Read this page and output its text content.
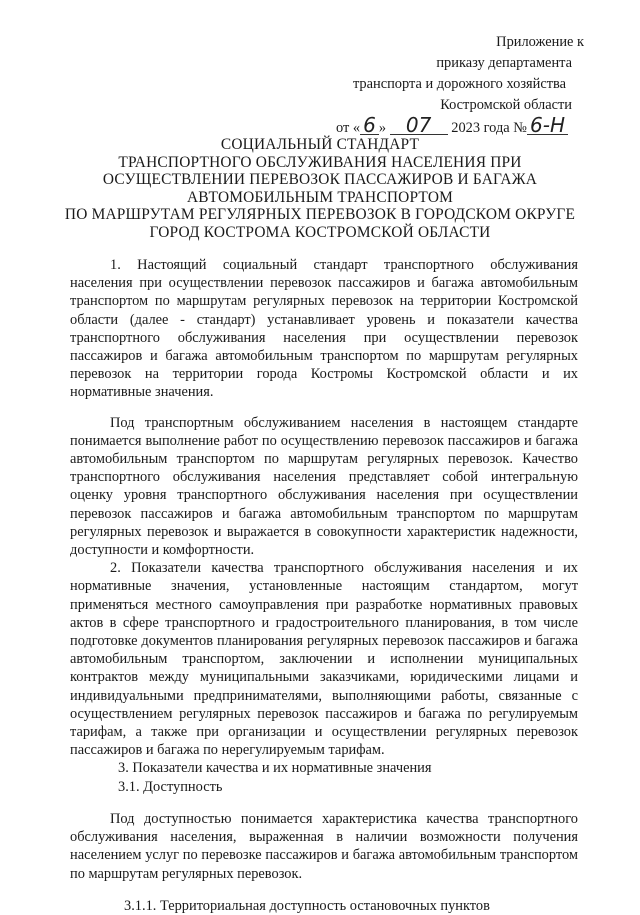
Приложение к
приказу департамента
транспорта и дорожного хозяйства
Костромской области
от « 6 » 07 2023 года № 6-Н
СОЦИАЛЬНЫЙ СТАНДАРТ
ТРАНСПОРТНОГО ОБСЛУЖИВАНИЯ НАСЕЛЕНИЯ ПРИ
ОСУЩЕСТВЛЕНИИ ПЕРЕВОЗОК ПАССАЖИРОВ И БАГАЖА
АВТОМОБИЛЬНЫМ ТРАНСПОРТОМ
ПО МАРШРУТАМ РЕГУЛЯРНЫХ ПЕРЕВОЗОК В ГОРОДСКОМ ОКРУГЕ
ГОРОД КОСТРОМА КОСТРОМСКОЙ ОБЛАСТИ

1. Настоящий социальный стандарт транспортного обслуживания населения при осуществлении перевозок пассажиров и багажа автомобильным транспортом по маршрутам регулярных перевозок на территории Костромской области (далее - стандарт) устанавливает уровень и показатели качества транспортного обслуживания населения при осуществлении перевозок пассажиров и багажа автомобильным транспортом по маршрутам регулярных перевозок на территории города Костромы Костромской области и их нормативные значения.

Под транспортным обслуживанием населения в настоящем стандарте понимается выполнение работ по осуществлению перевозок пассажиров и багажа автомобильным транспортом по маршрутам регулярных перевозок. Качество транспортного обслуживания населения представляет собой интегральную оценку уровня транспортного обслуживания населения при осуществлении перевозок пассажиров и багажа автомобильным транспортом по маршрутам регулярных перевозок и выражается в совокупности характеристик надежности, доступности и комфортности.

2. Показатели качества транспортного обслуживания населения и их нормативные значения, установленные настоящим стандартом, могут применяться местного самоуправления при разработке нормативных правовых актов в сфере транспортного и градостроительного планирования, в том числе подготовке документов планирования регулярных перевозок пассажиров и багажа автомобильным транспортом, заключении и исполнении муниципальных контрактов между муниципальными заказчиками, юридическими лицами и индивидуальными предпринимателями, выполняющими работы, связанные с осуществлением регулярных перевозок пассажиров и багажа по регулируемым тарифам, а также при организации и осуществлении регулярных перевозок пассажиров и багажа по нерегулируемым тарифам.

3. Показатели качества и их нормативные значения

3.1. Доступность

Под доступностью понимается характеристика качества транспортного обслуживания населения, выраженная в наличии возможности получения населением услуг по перевозке пассажиров и багажа автомобильным транспортом по маршрутам регулярных перевозок.

3.1.1. Территориальная доступность остановочных пунктов
